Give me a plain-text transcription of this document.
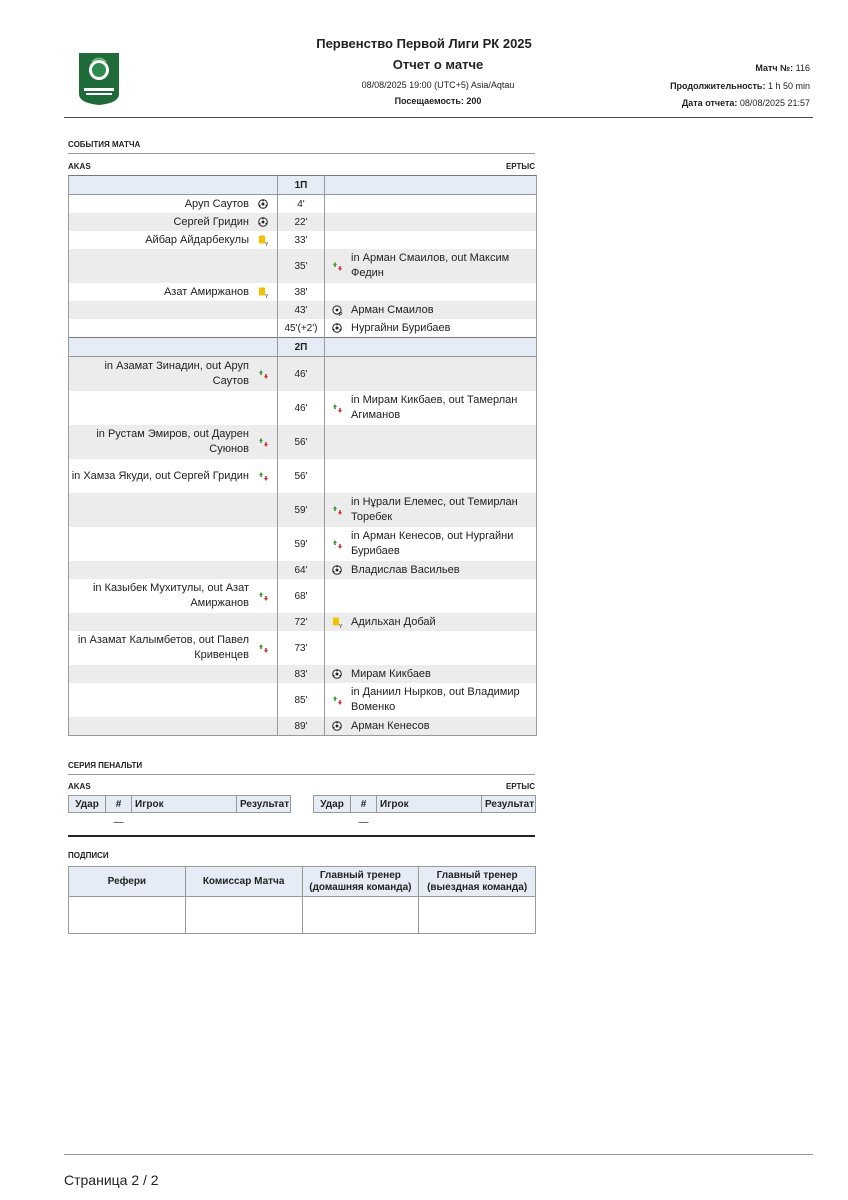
Первенство Первой Лиги РК 2025
Отчет о матче
08/08/2025 19:00 (UTC+5) Asia/Aqtau
Посещаемость: 200
Матч №: 116
Продолжительность: 1 h 50 min
Дата отчета: 08/08/2025 21:57
СОБЫТИЯ МАТЧА
AKAS	ЕРТЫС
	1П	

Аруп Саутов	4'	

Сергей Гридин	22'	

Айбар Айдарбекулы Y	33'	
	35'	in Арман Смаилов, out Максим Федин

Азат Амиржанов Y	38'	
	43'	P Арман Смаилов

	45'(+2')	Нургайни Бурибаев

	2П	

in Азамат Зинадин, out Аруп Саутов	46'	
	46'	in Мирам Кикбаев, out Тамерлан Агиманов

in Рустам Эмиров, out Даурен Суюнов	56'	

in Хамза Якуди, out Сергей Гридин	56'	
	59'	in Нұрали Елемес, out Темирлан Торебек

	59'	in Арман Кенесов, out Нургайни Бурибаев

	64'	Владислав Васильев

in Казыбек Мухитулы, out Азат Амиржанов	68'	
	72'	Y Адильхан Добай

in Азамат Калымбетов, out Павел Кривенцев	73'	
	83'	Мирам Кикбаев

	85'	in Даниил Нырков, out Владимир Воменко

	89'	Арман Кенесов
СЕРИЯ ПЕНАЛЬТИ
AKAS	ЕРТЫС
Удар	#	Игрок	Результат
	—		
Удар	#	Игрок	Результат
	—		
ПОДПИСИ
Рефери	Комиссар Матча	Главный тренер (домашняя команда)	Главный тренер (выездная команда)

Страница 2 / 2
